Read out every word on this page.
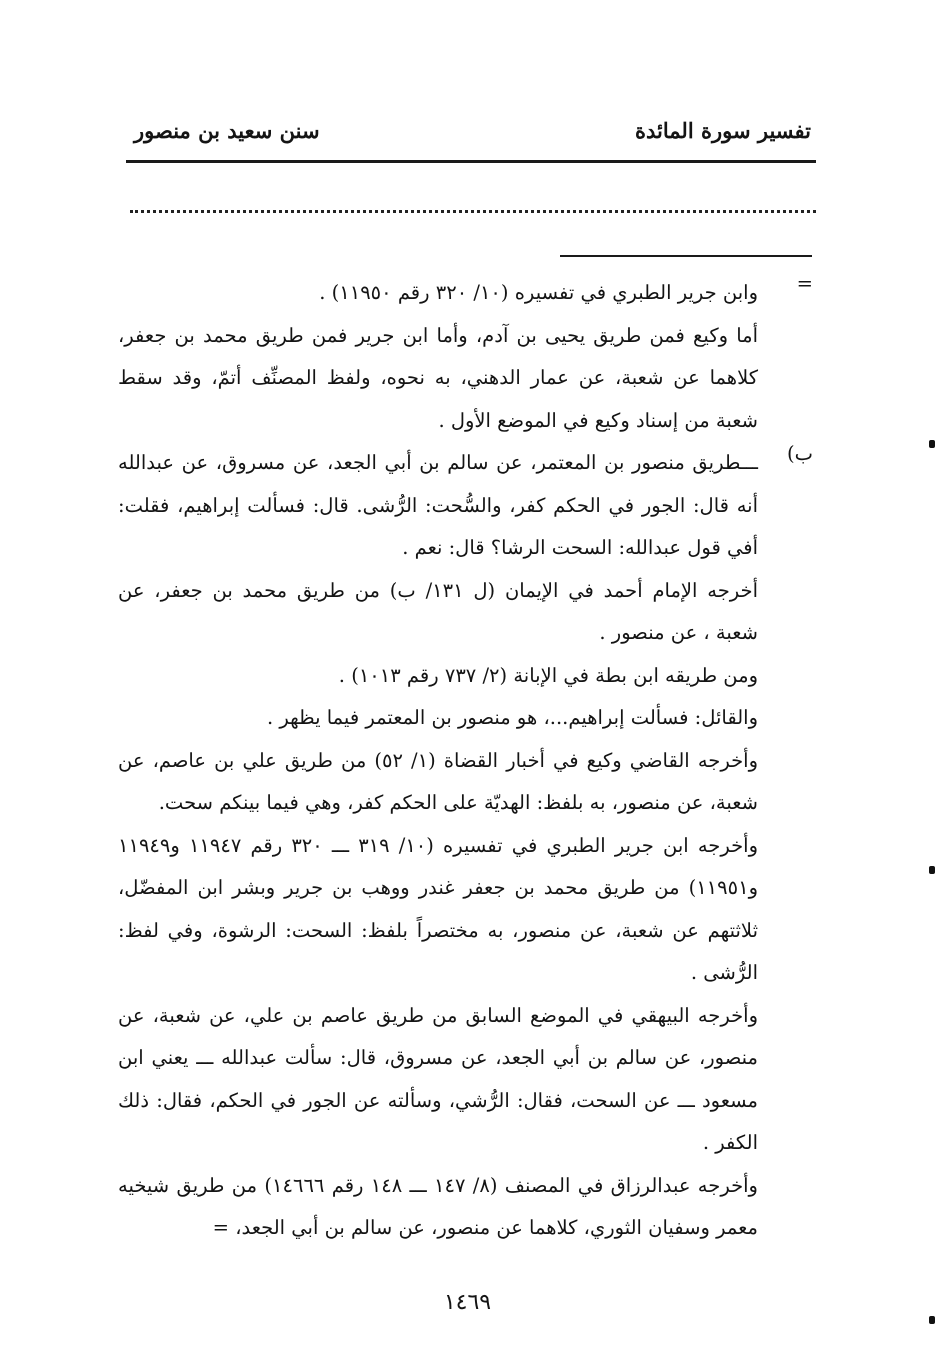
تفسير سورة المائدة
سنن سعيد بن منصور
=
ب)

وابن جرير الطبري في تفسيره (١٠/ ٣٢٠ رقم ١١٩٥٠) .

أما وكيع فمن طريق يحيى بن آدم، وأما ابن جرير فمن طريق محمد بن جعفر، كلاهما عن شعبة، عن عمار الدهني، به نحوه، ولفظ المصنِّف أتمّ، وقد سقط شعبة من إسناد وكيع في الموضع الأول .

ـــطريق منصور بن المعتمر، عن سالم بن أبي الجعد، عن مسروق، عن عبدالله أنه قال: الجور في الحكم كفر، والسُّحت: الرُّشى. قال: فسألت إبراهيم، فقلت: أفي قول عبدالله: السحت الرشا؟ قال: نعم .

أخرجه الإمام أحمد في الإيمان (ل ١٣١/ ب) من طريق محمد بن جعفر، عن شعبة ، عن منصور .

ومن طريقه ابن بطة في الإبانة (٢/ ٧٣٧ رقم ١٠١٣) .

والقائل: فسألت إبراهيم...، هو منصور بن المعتمر فيما يظهر .

وأخرجه القاضي وكيع في أخبار القضاة (١/ ٥٢) من طريق علي بن عاصم، عن شعبة، عن منصور، به بلفظ: الهديّة على الحكم كفر، وهي فيما بينكم سحت.

وأخرجه ابن جرير الطبري في تفسيره (١٠/ ٣١٩ ـــ ٣٢٠ رقم ١١٩٤٧ و١١٩٤٩ و١١٩٥١) من طريق محمد بن جعفر غندر ووهب بن جرير وبشر ابن المفضّل، ثلاثتهم عن شعبة، عن منصور، به مختصراً بلفظ: السحت: الرشوة، وفي لفظ: الرُّشى .

وأخرجه البيهقي في الموضع السابق من طريق عاصم بن علي، عن شعبة، عن منصور، عن سالم بن أبي الجعد، عن مسروق، قال: سألت عبدالله ـــ يعني ابن مسعود ـــ عن السحت، فقال: الرُّشي، وسألته عن الجور في الحكم، فقال: ذلك الكفر .

وأخرجه عبدالرزاق في المصنف (٨/ ١٤٧ ـــ ١٤٨ رقم ١٤٦٦٦) من طريق شيخيه معمر وسفيان الثوري، كلاهما عن منصور، عن سالم بن أبي الجعد، =

١٤٦٩
